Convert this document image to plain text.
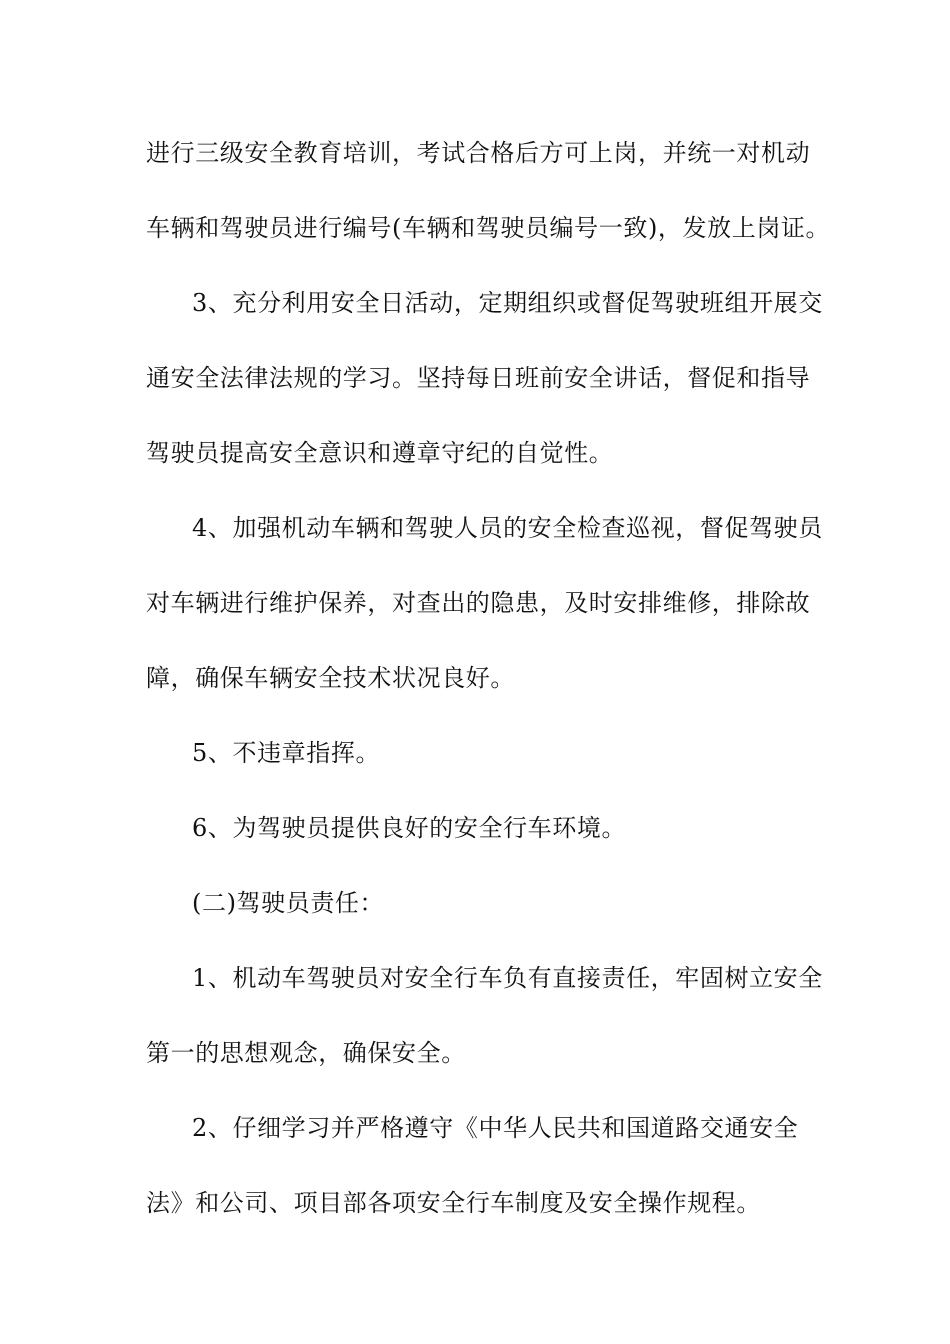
进行三级安全教育培训，考试合格后方可上岗，并统一对机动
车辆和驾驶员进行编号(车辆和驾驶员编号一致)，发放上岗证。
3、充分利用安全日活动，定期组织或督促驾驶班组开展交
通安全法律法规的学习。坚持每日班前安全讲话，督促和指导
驾驶员提高安全意识和遵章守纪的自觉性。
4、加强机动车辆和驾驶人员的安全检查巡视，督促驾驶员
对车辆进行维护保养，对查出的隐患，及时安排维修，排除故
障，确保车辆安全技术状况良好。
5、不违章指挥。
6、为驾驶员提供良好的安全行车环境。
(二)驾驶员责任：
1、机动车驾驶员对安全行车负有直接责任，牢固树立安全
第一的思想观念，确保安全。
2、仔细学习并严格遵守《中华人民共和国道路交通安全
法》和公司、项目部各项安全行车制度及安全操作规程。
